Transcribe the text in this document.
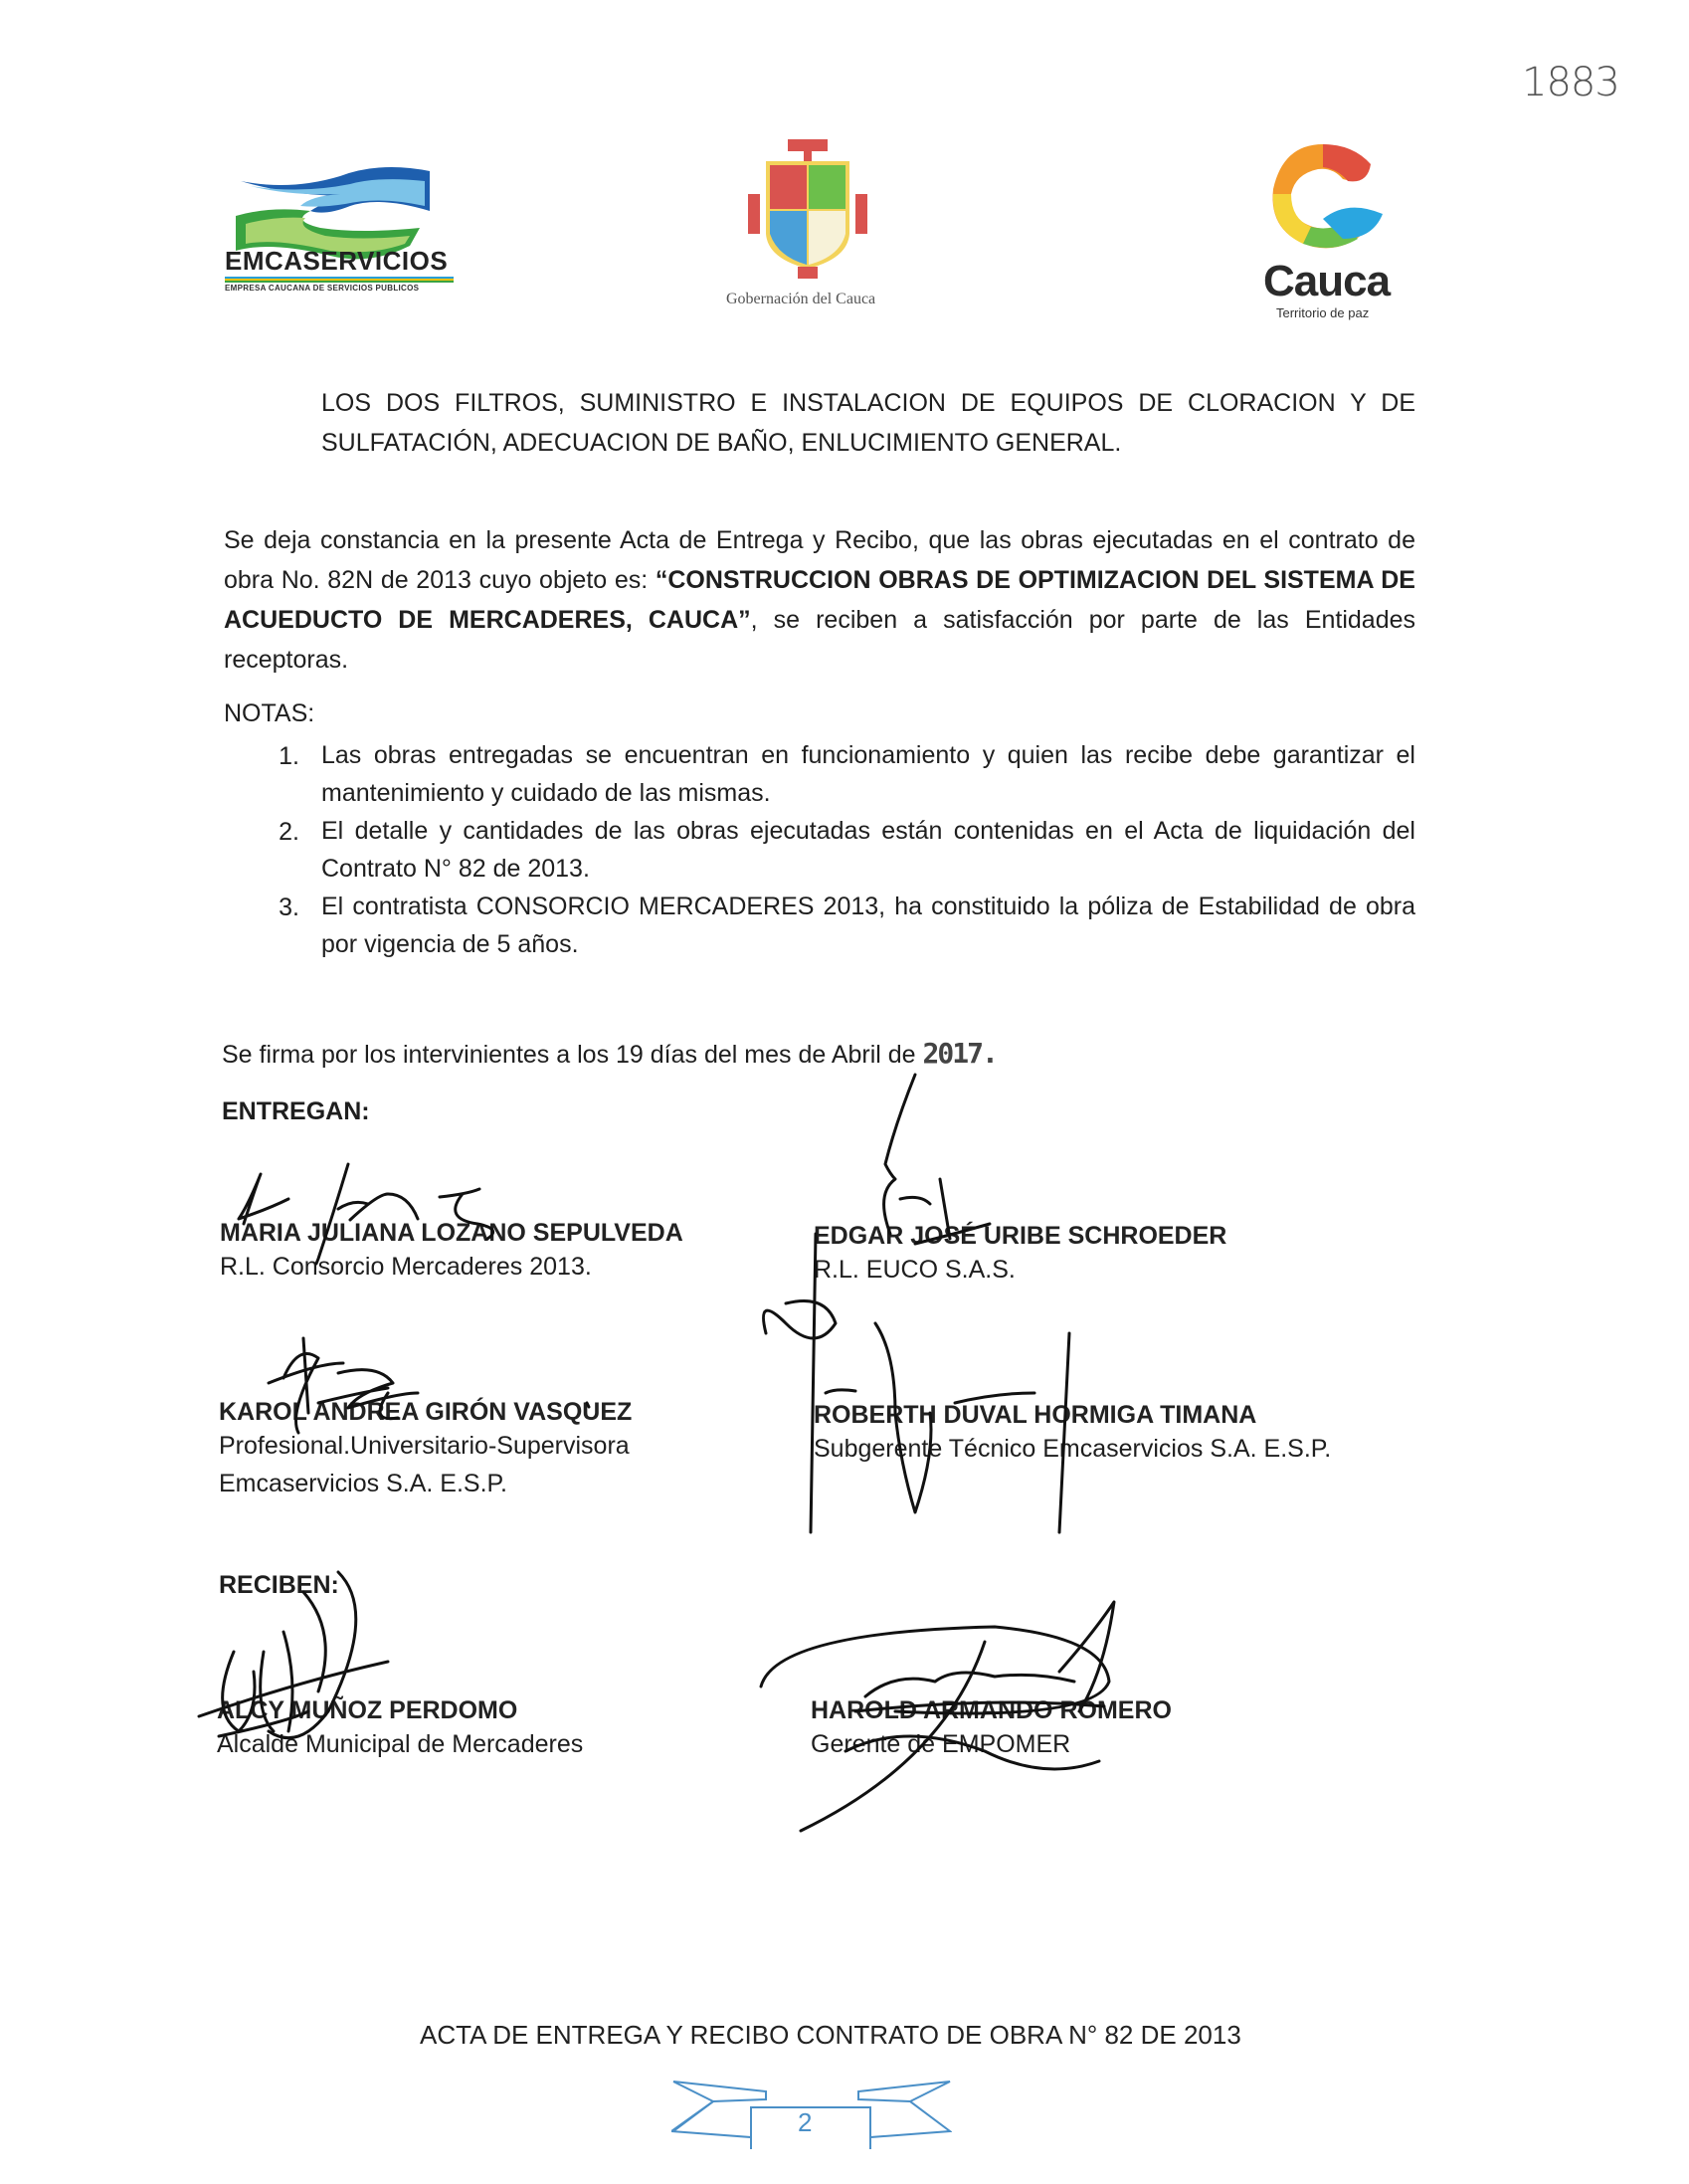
1883
EMCASERVICIOS
EMPRESA CAUCANA DE SERVICIOS PUBLICOS
Gobernación del Cauca	Cauca
Territorio de paz
LOS DOS FILTROS, SUMINISTRO E INSTALACION DE EQUIPOS DE CLORACION Y DE SULFATACIÓN, ADECUACION DE BAÑO, ENLUCIMIENTO GENERAL.
Se deja constancia en la presente Acta de Entrega y Recibo, que las obras ejecutadas en el contrato de obra No. 82N de 2013 cuyo objeto es: “CONSTRUCCION OBRAS DE OPTIMIZACION DEL SISTEMA DE ACUEDUCTO DE MERCADERES, CAUCA”, se reciben a satisfacción por parte de las Entidades receptoras.
NOTAS:
1. Las obras entregadas se encuentran en funcionamiento y quien las recibe debe garantizar el mantenimiento y cuidado de las mismas.
2. El detalle y cantidades de las obras ejecutadas están contenidas en el Acta de liquidación del Contrato N° 82 de 2013.
3. El contratista CONSORCIO MERCADERES 2013, ha constituido la póliza de Estabilidad de obra por vigencia de 5 años.
Se firma por los intervinientes a los 19 días del mes de Abril de 2017.
ENTREGAN:
MARIA JULIANA LOZANO SEPULVEDA
R.L. Consorcio Mercaderes 2013.
EDGAR JOSÉ URIBE SCHROEDER
R.L. EUCO S.A.S.
KAROL ANDREA GIRÓN VASQUEZ
Profesional.Universitario-Supervisora
Emcaservicios S.A. E.S.P.
ROBERTH DUVAL HORMIGA TIMANA
Subgerente Técnico Emcaservicios S.A. E.S.P.
RECIBEN:
ALCY MUÑOZ PERDOMO
Alcalde Municipal de Mercaderes
HAROLD ARMANDO ROMERO
Gerente de EMPOMER
ACTA DE ENTREGA Y RECIBO CONTRATO DE OBRA N° 82 DE 2013
2
